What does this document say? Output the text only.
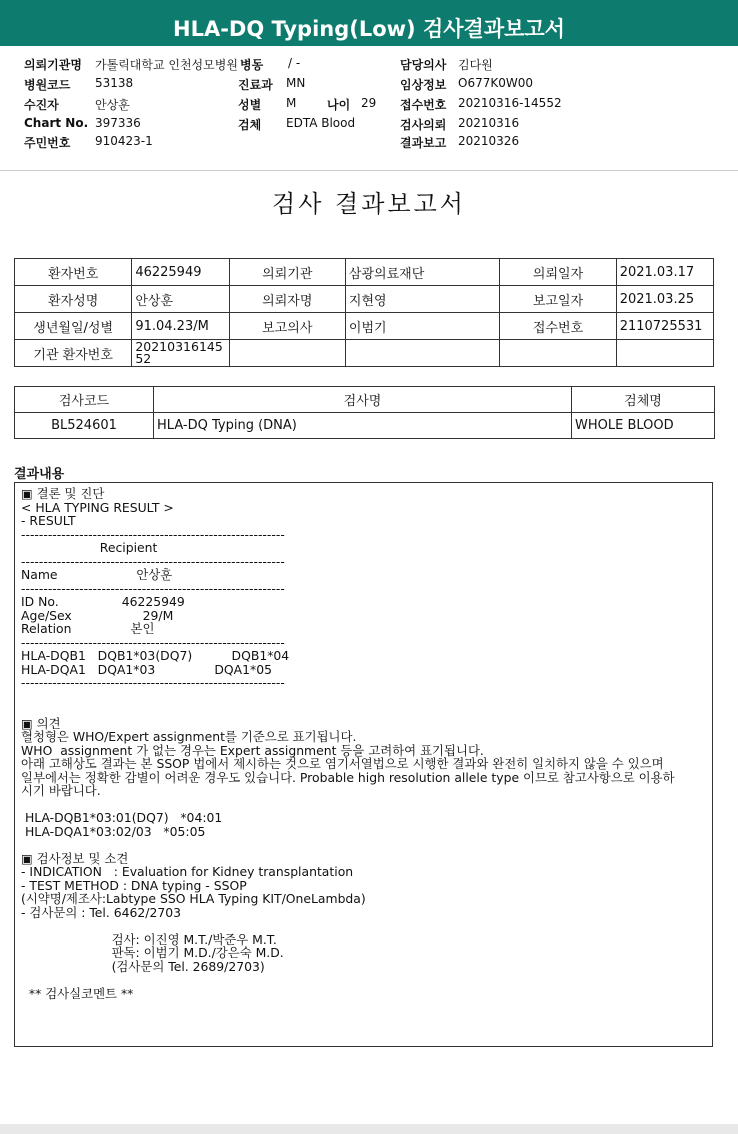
HLA-DQ Typing(Low) 검사결과보고서
의뢰기관명 가톨릭대학교 인천성모병원 병동 / -	담당의사 김다원
병원코드 53138	진료과 MN	임상정보 O677K0W00
수진자	안상훈	성별 M	나이 29 접수번호 20210316-14552
Chart No. 397336	검체 EDTA Blood	검사의뢰 20210316
주민번호 910423-1	결과보고 20210326
검사 결과보고서
환자번호	46225949	의뢰기관	삼광의료재단	의뢰일자	2021.03.17
환자성명	안상훈	의뢰자명	지현영	보고일자	2021.03.25
생년월일/성별	91.04.23/M	보고의사	이범기	접수번호	2110725531
기관 환자번호	2021031614552				
검사코드	검사명	검체명
BL524601	HLA-DQ Typing (DNA)	WHOLE BLOOD
결과내용
▣ 결론 및 진단
< HLA TYPING RESULT >
- RESULT
-----------------------------------------------------------
Recipient
-----------------------------------------------------------
Name                    안상훈
-----------------------------------------------------------
ID No.                46225949
Age/Sex                  29/M
Relation               본인
-----------------------------------------------------------
HLA-DQB1   DQB1*03(DQ7)          DQB1*04
HLA-DQA1   DQA1*03               DQA1*05
-----------------------------------------------------------

▣ 의견
혈청형은 WHO/Expert assignment를 기준으로 표기됩니다.
WHO  assignment 가 없는 경우는 Expert assignment 등을 고려하여 표기됩니다.
아래 고해상도 결과는 본 SSOP 법에서 제시하는 것으로 염기서열법으로 시행한 결과와 완전히 일치하지 않을 수 있으며
일부에서는 정확한 감별이 어려운 경우도 있습니다. Probable high resolution allele type 이므로 참고사항으로 이용하
시기 바랍니다.

HLA-DQB1*03:01(DQ7)   *04:01
HLA-DQA1*03:02/03   *05:05

▣ 검사정보 및 소견
- INDICATION   : Evaluation for Kidney transplantation
- TEST METHOD : DNA typing - SSOP
(시약명/제조사:Labtype SSO HLA Typing KIT/OneLambda)
- 검사문의 : Tel. 6462/2703

검사: 이진영 M.T./박준우 M.T.
판독: 이범기 M.D./강은숙 M.D.
(검사문의 Tel. 2689/2703)

** 검사실코멘트 **
